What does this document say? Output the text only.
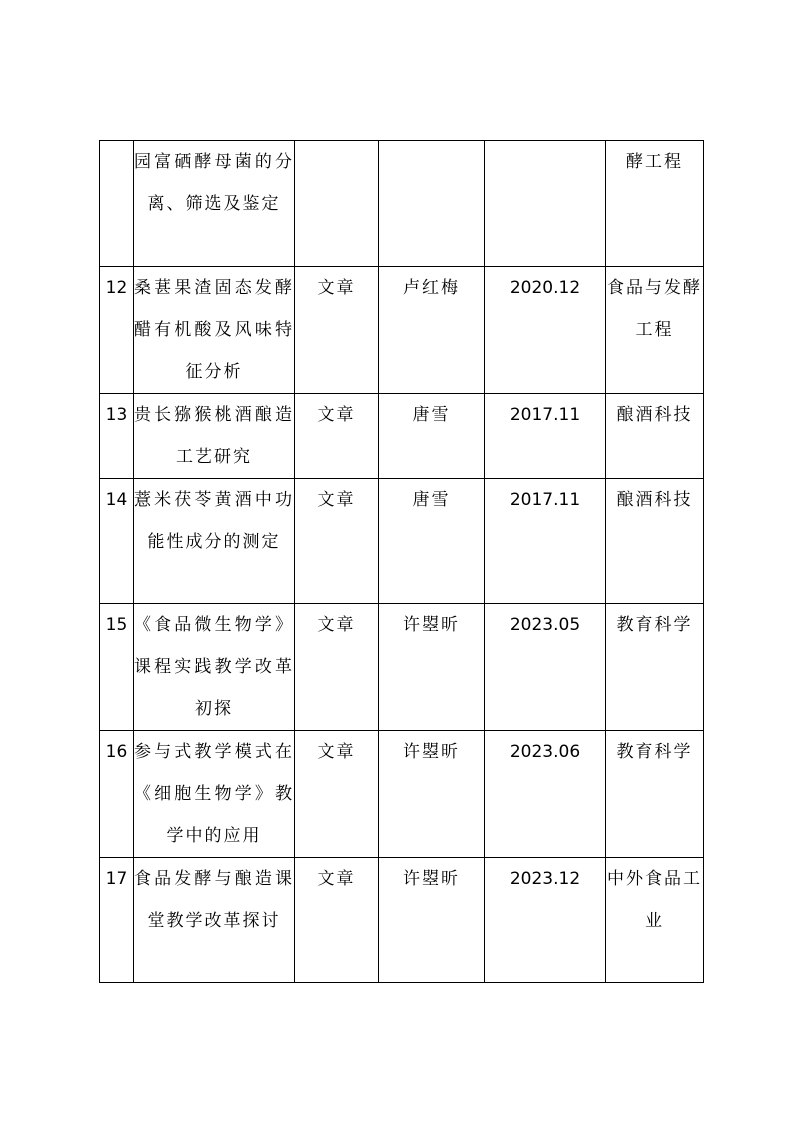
	园富硒酵母菌的分离、筛选及鉴定				酵工程
12	桑葚果渣固态发酵醋有机酸及风味特征分析	文章	卢红梅	2020.12	食品与发酵工程
13	贵长猕猴桃酒酿造工艺研究	文章	唐雪	2017.11	酿酒科技
14	薏米茯苓黄酒中功能性成分的测定	文章	唐雪	2017.11	酿酒科技
15	《食品微生物学》课程实践教学改革初探	文章	许曌昕	2023.05	教育科学
16	参与式教学模式在《细胞生物学》教学中的应用	文章	许曌昕	2023.06	教育科学
17	食品发酵与酿造课堂教学改革探讨	文章	许曌昕	2023.12	中外食品工业
